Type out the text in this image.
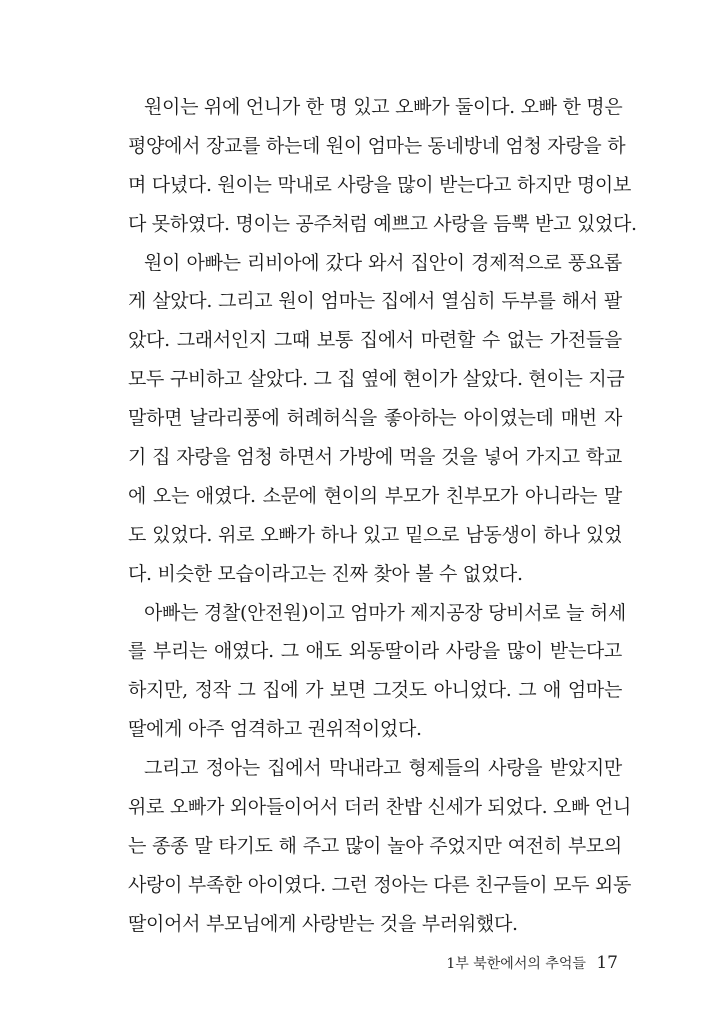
원이는 위에 언니가 한 명 있고 오빠가 둘이다. 오빠 한 명은
평양에서 장교를 하는데 원이 엄마는 동네방네 엄청 자랑을 하
며 다녔다. 원이는 막내로 사랑을 많이 받는다고 하지만 명이보
다 못하였다. 명이는 공주처럼 예쁘고 사랑을 듬뿍 받고 있었다.
원이 아빠는 리비아에 갔다 와서 집안이 경제적으로 풍요롭
게 살았다. 그리고 원이 엄마는 집에서 열심히 두부를 해서 팔
았다. 그래서인지 그때 보통 집에서 마련할 수 없는 가전들을
모두 구비하고 살았다. 그 집 옆에 현이가 살았다. 현이는 지금
말하면 날라리풍에 허례허식을 좋아하는 아이였는데 매번 자
기 집 자랑을 엄청 하면서 가방에 먹을 것을 넣어 가지고 학교
에 오는 애였다. 소문에 현이의 부모가 친부모가 아니라는 말
도 있었다. 위로 오빠가 하나 있고 밑으로 남동생이 하나 있었
다. 비슷한 모습이라고는 진짜 찾아 볼 수 없었다.
아빠는 경찰(안전원)이고 엄마가 제지공장 당비서로 늘 허세
를 부리는 애였다. 그 애도 외동딸이라 사랑을 많이 받는다고
하지만, 정작 그 집에 가 보면 그것도 아니었다. 그 애 엄마는
딸에게 아주 엄격하고 권위적이었다.
그리고 정아는 집에서 막내라고 형제들의 사랑을 받았지만
위로 오빠가 외아들이어서 더러 찬밥 신세가 되었다. 오빠 언니
는 종종 말 타기도 해 주고 많이 놀아 주었지만 여전히 부모의
사랑이 부족한 아이였다. 그런 정아는 다른 친구들이 모두 외동
딸이어서 부모님에게 사랑받는 것을 부러워했다.
1부 북한에서의 추억들 17
